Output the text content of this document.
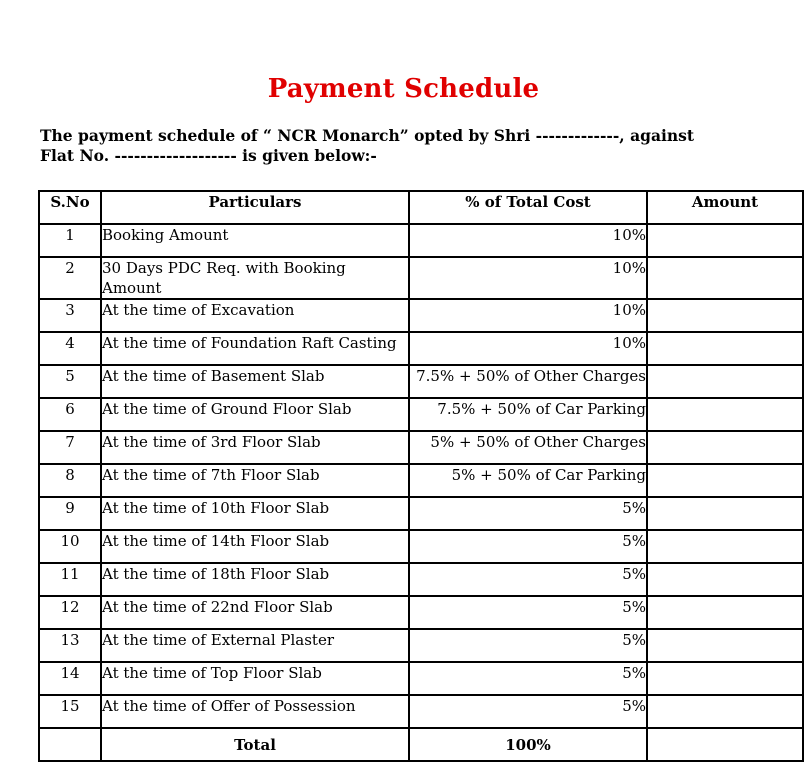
Payment Schedule
The payment schedule of “ NCR Monarch” opted by Shri -------------, against
Flat No. ------------------- is given below:-
S.No	Particulars	% of Total Cost	Amount
1	Booking Amount	10%	
2	30 Days PDC Req. with Booking Amount	10%	
3	At the time of Excavation	10%	
4	At the time of Foundation Raft Casting	10%	
5	At the time of Basement Slab	7.5% + 50% of Other Charges	
6	At the time of Ground Floor Slab	7.5% + 50% of Car Parking	
7	At the time of 3rd Floor Slab	5% + 50% of Other Charges	
8	At the time of 7th Floor Slab	5% + 50% of Car Parking	
9	At the time of 10th Floor Slab	5%	
10	At the time of 14th Floor Slab	5%	
11	At the time of 18th Floor Slab	5%	
12	At the time of 22nd Floor Slab	5%	
13	At the time of External Plaster	5%	
14	At the time of Top Floor Slab	5%	
15	At the time of Offer of Possession	5%	
	Total	100%	
